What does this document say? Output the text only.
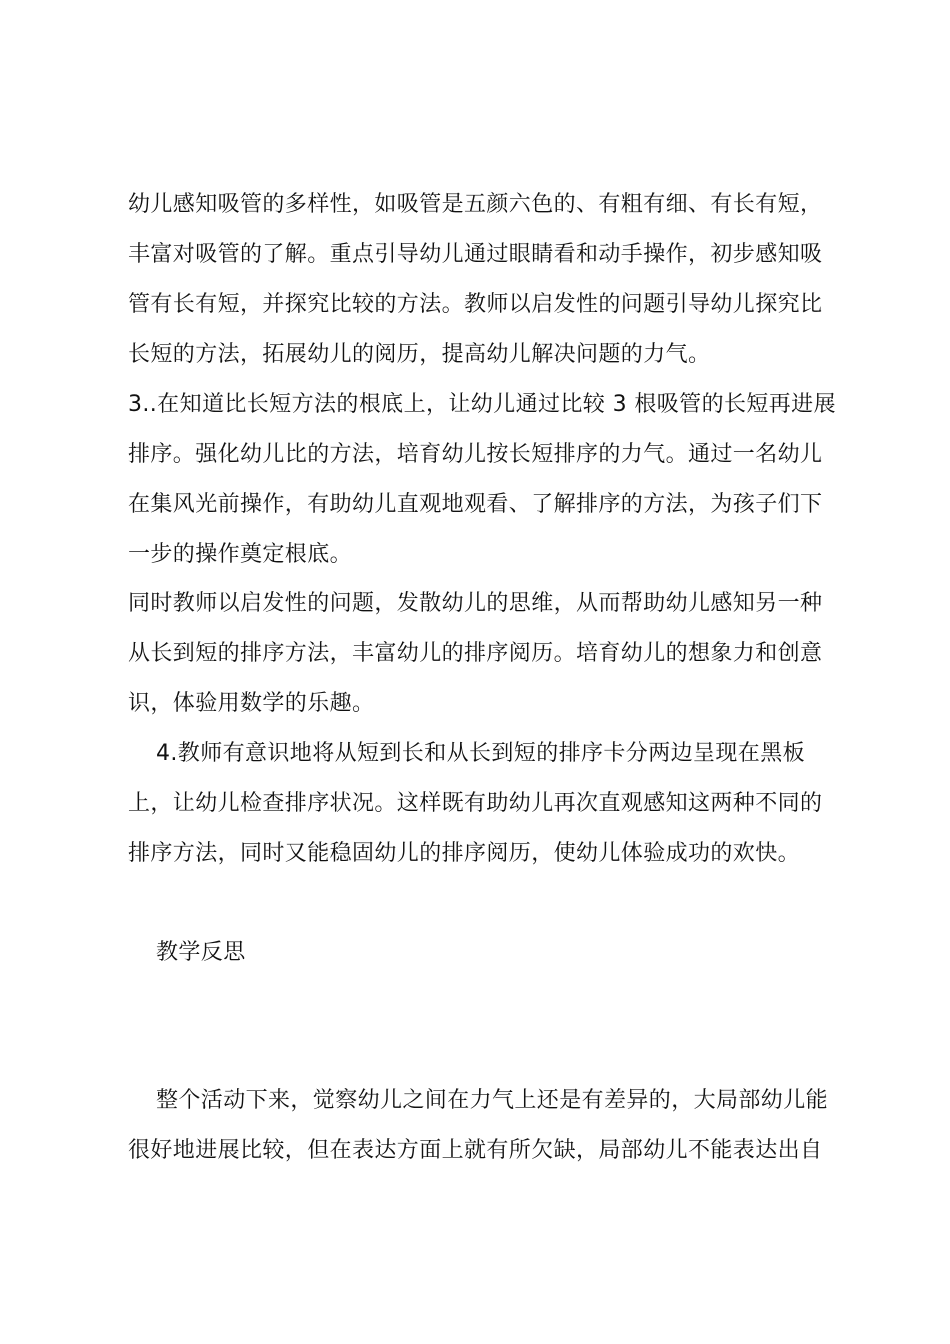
幼儿感知吸管的多样性，如吸管是五颜六色的、有粗有细、有长有短，
丰富对吸管的了解。重点引导幼儿通过眼睛看和动手操作，初步感知吸
管有长有短，并探究比较的方法。教师以启发性的问题引导幼儿探究比
长短的方法，拓展幼儿的阅历，提高幼儿解决问题的力气。
3..在知道比长短方法的根底上，让幼儿通过比较 3 根吸管的长短再进展
排序。强化幼儿比的方法，培育幼儿按长短排序的力气。通过一名幼儿
在集风光前操作，有助幼儿直观地观看、了解排序的方法，为孩子们下
一步的操作奠定根底。
同时教师以启发性的问题，发散幼儿的思维，从而帮助幼儿感知另一种
从长到短的排序方法，丰富幼儿的排序阅历。培育幼儿的想象力和创意
识，体验用数学的乐趣。
4.教师有意识地将从短到长和从长到短的排序卡分两边呈现在黑板
上，让幼儿检查排序状况。这样既有助幼儿再次直观感知这两种不同的
排序方法，同时又能稳固幼儿的排序阅历，使幼儿体验成功的欢快。
教学反思
整个活动下来，觉察幼儿之间在力气上还是有差异的，大局部幼儿能
很好地进展比较，但在表达方面上就有所欠缺，局部幼儿不能表达出自
